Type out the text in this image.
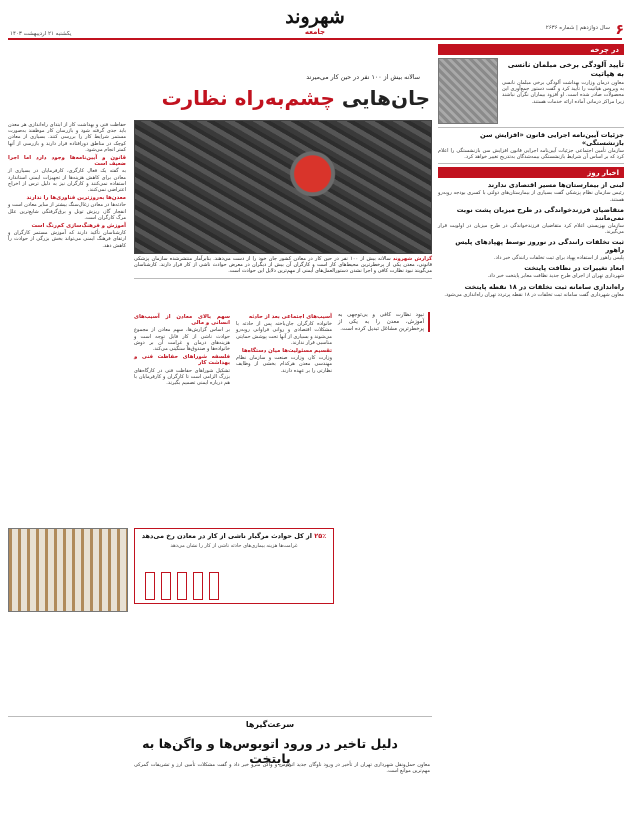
۶
سال دوازدهم | شماره ۲۶۳۶
شهروند
جامعه
یکشنبه ۲۱ اردیبهشت ۱۴۰۳
سالانه بیش از ۱۰۰ نفر در حین کار می‌میرند
جان‌هایی چشم‌به‌راه نظارت
گزارش شهروند سالانه بیش از ۱۰۰ نفر در حین کار در معادن کشور جان خود را از دست می‌دهند. بنابرآمار منتشرشده سازمان پزشکی قانونی، معدن یکی از پرخطرترین محیط‌های کار است و کارگران آن بیش از دیگران در معرض حوادث ناشی از کار قرار دارند. کارشناسان می‌گویند نبود نظارت کافی و اجرا نشدن دستورالعمل‌های ایمنی از مهم‌ترین دلایل این حوادث است.
حفاظت فنی و بهداشت کار از ابتدای راه‌اندازی هر معدن باید جدی گرفته شود و بازرسان کار موظفند به‌صورت مستمر شرایط کار را بررسی کنند. بسیاری از معادن کوچک در مناطق دورافتاده قرار دارند و بازرسی از آنها کمتر انجام می‌شود.
قانون و آیین‌نامه‌ها وجود دارد اما اجرا ضعیف است
به گفته یک فعال کارگری، کارفرمایان در بسیاری از معادن برای کاهش هزینه‌ها از تجهیزات ایمنی استاندارد استفاده نمی‌کنند و کارگران نیز به دلیل ترس از اخراج اعتراضی نمی‌کنند.
معدن‌ها به‌روزترین فناوری‌ها را ندارند
حادثه‌ها در معادن زغال‌سنگ بیشتر از سایر معادن است و انفجار گاز، ریزش تونل و برق‌گرفتگی شایع‌ترین علل مرگ کارگران است.
آموزش و فرهنگ‌سازی کم‌رنگ است
کارشناسان تأکید دارند که آموزش مستمر کارگران و ارتقای فرهنگ ایمنی می‌تواند بخش بزرگی از حوادث را کاهش دهد.
سهم بالای معادن از آسیب‌های انسانی و مالی
بر اساس گزارش‌ها، سهم معادن از مجموع حوادث ناشی از کار قابل توجه است و هزینه‌های درمان و غرامت آن بر دوش خانواده‌ها و صندوق‌ها سنگینی می‌کند.
فلسفه شوراهای حفاظت فنی و بهداشت کار
تشکیل شوراهای حفاظت فنی در کارگاه‌های بزرگ الزامی است تا کارگران و کارفرمایان با هم درباره ایمنی تصمیم بگیرند.
آسیب‌های اجتماعی بعد از حادثه
خانواده کارگران جان‌باخته پس از حادثه با مشکلات اقتصادی و روانی فراوانی روبه‌رو می‌شوند و بسیاری از آنها تحت پوشش حمایتی مناسبی قرار ندارند.
تقسیم مسئولیت‌ها میان دستگاه‌ها
وزارت کار، وزارت صنعت و سازمان نظام مهندسی معدن هرکدام بخشی از وظایف نظارتی را بر عهده دارند.
نبود نظارت کافی و بی‌توجهی به آموزش، معدن را به یکی از پرخطرترین مشاغل تبدیل کرده است.
۲۵٪ از کل حوادث مرگبار ناشی از کار در معادن رخ می‌دهد
غرامت‌ها هزینه بیماری‌های حادثه ناشی از کار را نشان می‌دهد
سرعت‌گیرها
دلیل تاخیر در ورود اتوبوس‌ها و واگن‌ها به پایتخت
معاون حمل‌ونقل شهرداری تهران از تأخیر در ورود ناوگان جدید اتوبوس و واگن مترو خبر داد و گفت مشکلات تأمین ارز و تشریفات گمرکی مهم‌ترین موانع است.
در چرخه
تأیید آلودگی برخی مبلمان نانسی به هپاتیت
معاون درمان وزارت بهداشت آلودگی برخی مبلمان نانسی به ویروس هپاتیت را تأیید کرد و گفت دستور جمع‌آوری این محصولات صادر شده است. او افزود بیماران نگران نباشند زیرا مراکز درمانی آماده ارائه خدمات هستند.
جزئیات آیین‌نامه اجرایی قانون «افزایش سن بازنشستگی»
سازمان تأمین اجتماعی جزئیات آیین‌نامه اجرایی قانون افزایش سن بازنشستگی را اعلام کرد که بر اساس آن شرایط بازنشستگی بیمه‌شدگان به‌تدریج تغییر خواهد کرد.
اخبار روز
لبنی از بیمارستان‌ها مسیر اقتصادی ندارند
رئیس سازمان نظام پزشکی گفت بسیاری از بیمارستان‌های دولتی با کسری بودجه روبه‌رو هستند.
متقاضیان فرزندخواندگی در طرح میزبان پشت نوبت نمی‌مانند
سازمان بهزیستی اعلام کرد متقاضیان فرزندخواندگی در طرح میزبان در اولویت قرار می‌گیرند.
ثبت تخلفات رانندگی در نوروز توسط پهپادهای پلیس راهور
پلیس راهور از استفاده پهپاد برای ثبت تخلفات رانندگی خبر داد.
ابعاد تغییرات در نظافت پایتخت
شهرداری تهران از اجرای طرح جدید نظافت معابر پایتخت خبر داد.
راه‌اندازی سامانه ثبت تخلفات در ۱۸ نقطه پایتخت
معاون شهرداری گفت سامانه ثبت تخلفات در ۱۸ نقطه پرتردد تهران راه‌اندازی می‌شود.
